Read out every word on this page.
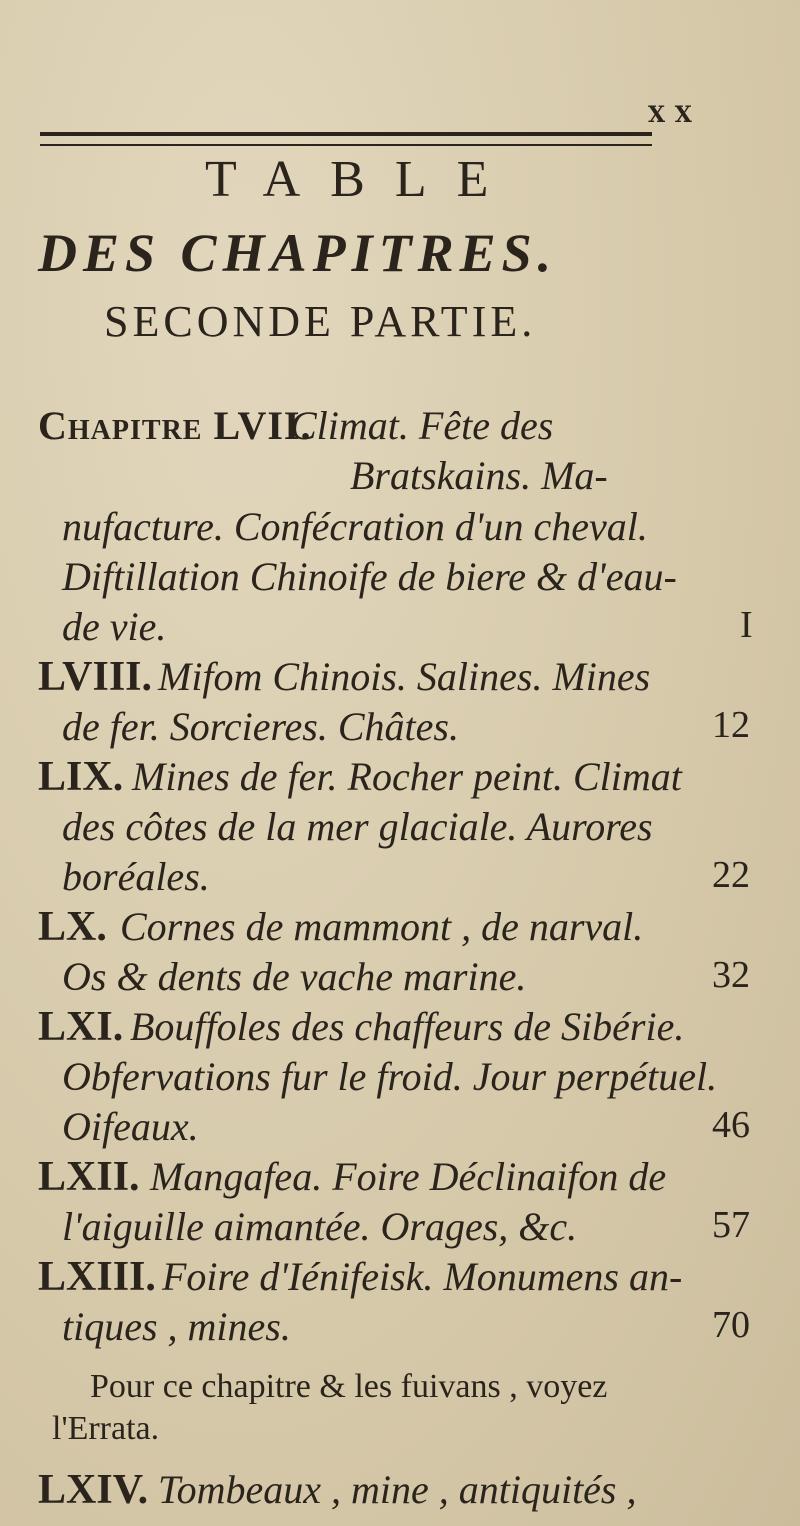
X X
TABLE
DES CHAPITRES.
SECONDE PARTIE.
Chapitre LVII.
Climat. Fête des
Bratskains. Ma-
nufacture. Confécration d'un cheval.
Diftillation Chinoife de biere & d'eau-
de vie.	I
LVIII. Mifom Chinois. Salines. Mines
de fer. Sorcieres. Châtes.	12
LIX. Mines de fer. Rocher peint. Climat
des côtes de la mer glaciale. Aurores
boréales.	22
LX. Cornes de mammont , de narval.
Os & dents de vache marine.	32
LXI. Bouffoles des chaffeurs de Sibérie.
Obfervations fur le froid. Jour perpétuel.
Oifeaux.	46
LXII. Mangafea. Foire Déclinaifon de
l'aiguille aimantée. Orages, &c.	57
LXIII. Foire d'Iénifeisk. Monumens an-
tiques , mines.	70
Pour ce chapitre & les fuivans , voyez
l'Errata.
LXIV. Tombeaux , mine , antiquités ,
